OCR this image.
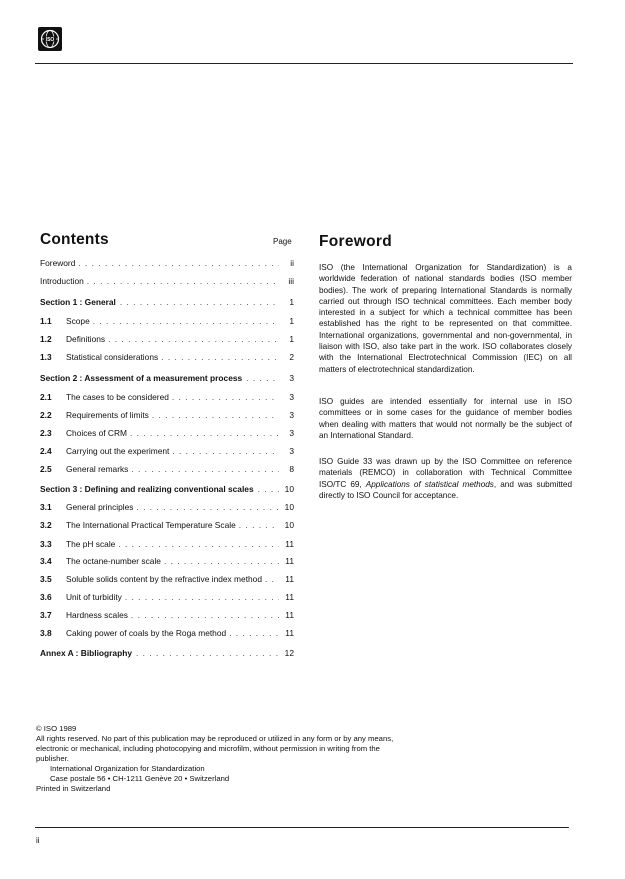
ISO
Contents	Page
Foreword . . .	ii
Introduction . . .	iii
Section 1 : General . . .	1
1.1	Scope . . .	1
1.2	Definitions . . .	1
1.3	Statistical considerations . . .	2
Section 2 : Assessment of a measurement process . . .	3
2.1	The cases to be considered . . .	3
2.2	Requirements of limits . . .	3
2.3	Choices of CRM . . .	3
2.4	Carrying out the experiment . . .	3
2.5	General remarks . . .	8
Section 3 : Defining and realizing conventional scales . . .	10
3.1	General principles . . .	10
3.2	The International Practical Temperature Scale . . .	10
3.3	The pH scale . . .	11
3.4	The octane-number scale . . .	11
3.5	Soluble solids content by the refractive index method . . .	11
3.6	Unit of turbidity . . .	11
3.7	Hardness scales . . .	11
3.8	Caking power of coals by the Roga method . . .	11
Annex A : Bibliography . . .	12
Foreword
ISO (the International Organization for Standardization) is a worldwide federation of national standards bodies (ISO member bodies). The work of preparing International Standards is normally carried out through ISO technical committees. Each member body interested in a subject for which a technical committee has been established has the right to be represented on that committee. International organizations, governmental and non-governmental, in liaison with ISO, also take part in the work. ISO collaborates closely with the International Electrotechnical Commission (IEC) on all matters of electrotechnical standardization.
ISO guides are intended essentially for internal use in ISO committees or in some cases for the guidance of member bodies when dealing with matters that would not normally be the subject of an International Standard.
ISO Guide 33 was drawn up by the ISO Committee on reference materials (REMCO) in collaboration with Technical Committee ISO/TC 69, Applications of statistical methods, and was submitted directly to ISO Council for acceptance.
© ISO 1989
All rights reserved. No part of this publication may be reproduced or utilized in any form or by any means, electronic or mechanical, including photocopying and microfilm, without permission in writing from the publisher.
International Organization for Standardization
Case postale 56 • CH-1211 Genève 20 • Switzerland
Printed in Switzerland
ii
